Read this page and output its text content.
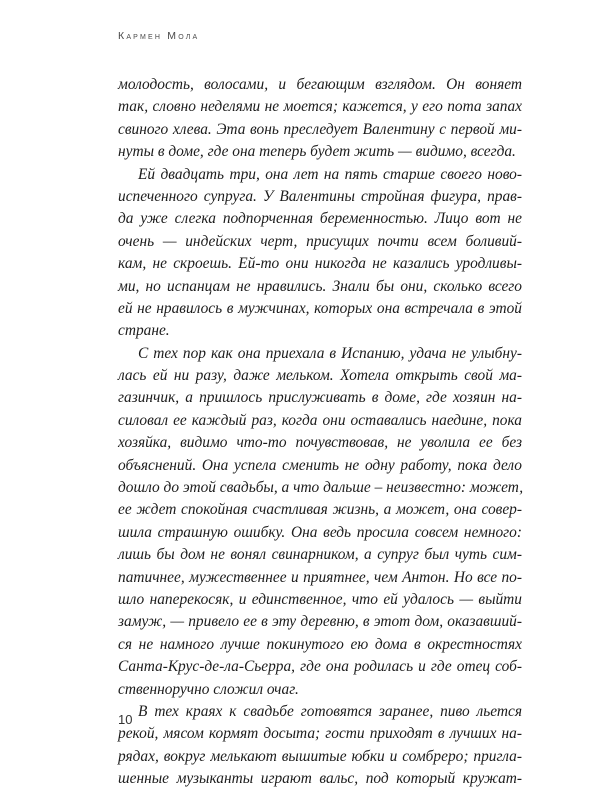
Кармен Мола

молодость, волосами, и бегающим взглядом. Он воняет
так, словно неделями не моется; кажется, у его пота запах
свиного хлева. Эта вонь преследует Валентину с первой ми-
нуты в доме, где она теперь будет жить — видимо, всегда.

Ей двадцать три, она лет на пять старше своего ново-
испеченного супруга. У Валентины стройная фигура, прав-
да уже слегка подпорченная беременностью. Лицо вот не
очень — индейских черт, присущих почти всем боливий-
кам, не скроешь. Ей-то они никогда не казались уродливы-
ми, но испанцам не нравились. Знали бы они, сколько всего
ей не нравилось в мужчинах, которых она встречала в этой
стране.

С тех пор как она приехала в Испанию, удача не улыбну-
лась ей ни разу, даже мельком. Хотела открыть свой ма-
газинчик, а пришлось прислуживать в доме, где хозяин на-
силовал ее каждый раз, когда они оставались наедине, пока
хозяйка, видимо что-то почувствовав, не уволила ее без
объяснений. Она успела сменить не одну работу, пока дело
дошло до этой свадьбы, а что дальше – неизвестно: может,
ее ждет спокойная счастливая жизнь, а может, она совер-
шила страшную ошибку. Она ведь просила совсем немного:
лишь бы дом не вонял свинарником, а супруг был чуть сим-
патичнее, мужественнее и приятнее, чем Антон. Но все по-
шло наперекосяк, и единственное, что ей удалось — выйти
замуж, — привело ее в эту деревню, в этот дом, оказавший-
ся не намного лучше покинутого ею дома в окрестностях
Санта-Крус-де-ла-Сьерра, где она родилась и где отец соб-
ственноручно сложил очаг.

В тех краях к свадьбе готовятся заранее, пиво льется
рекой, мясом кормят досыта; гости приходят в лучших на-
рядах, вокруг мелькают вышитые юбки и сомбреро; пригла-
шенные музыканты играют вальс, под который кружат-

10
